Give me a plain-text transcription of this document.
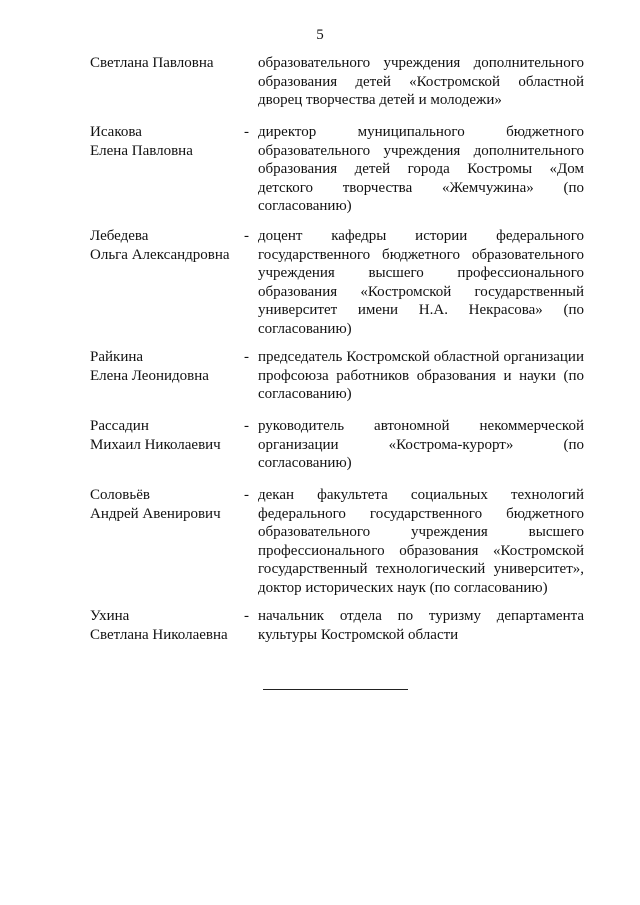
5
Светлана Павловна	образовательного учреждения дополнительного образования детей «Костромской областной дворец творчества детей и молодежи»
Исакова
Елена Павловна
- директор муниципального бюджетного образовательного учреждения дополнительного образования детей города Костромы «Дом детского творчества «Жемчужина» (по согласованию)
Лебедева
Ольга Александровна
- доцент кафедры истории федерального государственного бюджетного образовательного учреждения высшего профессионального образования «Костромской государственный университет имени Н.А. Некрасова» (по согласованию)
Райкина
Елена Леонидовна
- председатель Костромской областной организации профсоюза работников образования и науки (по согласованию)
Рассадин
Михаил Николаевич
- руководитель автономной некоммерческой организации «Кострома-курорт» (по согласованию)
Соловьёв
Андрей Авенирович
- декан факультета социальных технологий федерального государственного бюджетного образовательного учреждения высшего профессионального образования «Костромской государственный технологический университет», доктор исторических наук (по согласованию)
Ухина
Светлана Николаевна
- начальник отдела по туризму департамента культуры Костромской области
